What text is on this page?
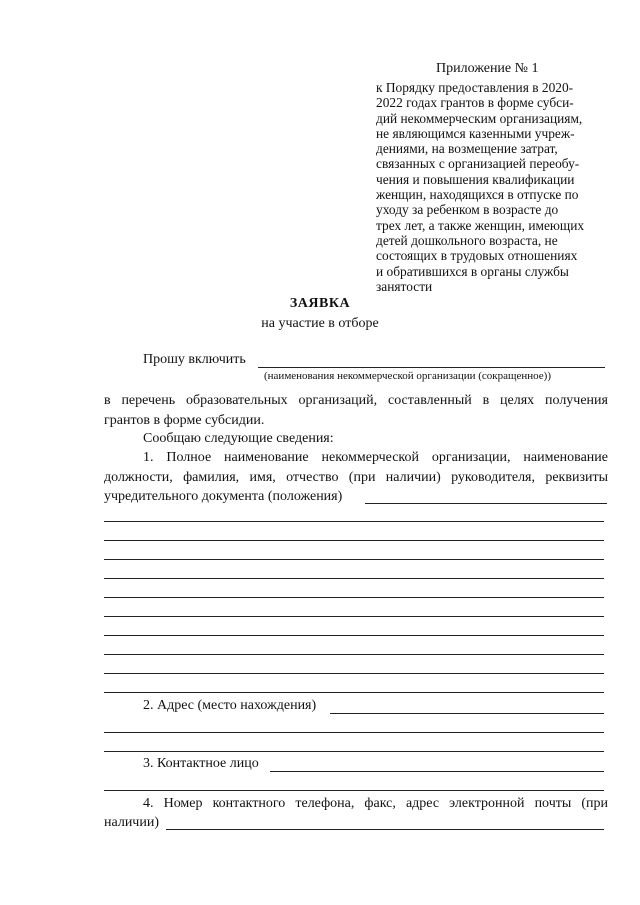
Приложение № 1
к Порядку предоставления в 2020-
2022 годах грантов в форме субси-
дий некоммерческим организациям,
не являющимся казенными учреж-
дениями, на возмещение затрат,
связанных с организацией переобу-
чения и повышения квалификации
женщин, находящихся в отпуске по
уходу за ребенком в возрасте до
трех лет, а также женщин, имеющих
детей дошкольного возраста, не
состоящих в трудовых отношениях
и обратившихся в органы службы
занятости
ЗАЯВКА
на участие в отборе
Прошу включить
(наименования некоммерческой организации (сокращенное))
в перечень образовательных организаций, составленный в целях получения
грантов в форме субсидии.
Сообщаю следующие сведения:
1. Полное наименование некоммерческой организации, наименование
должности, фамилия, имя, отчество (при наличии) руководителя, реквизиты
учредительного документа (положения)
2. Адрес (место нахождения)
3. Контактное лицо
4. Номер контактного телефона, факс, адрес электронной почты (при
наличии)
